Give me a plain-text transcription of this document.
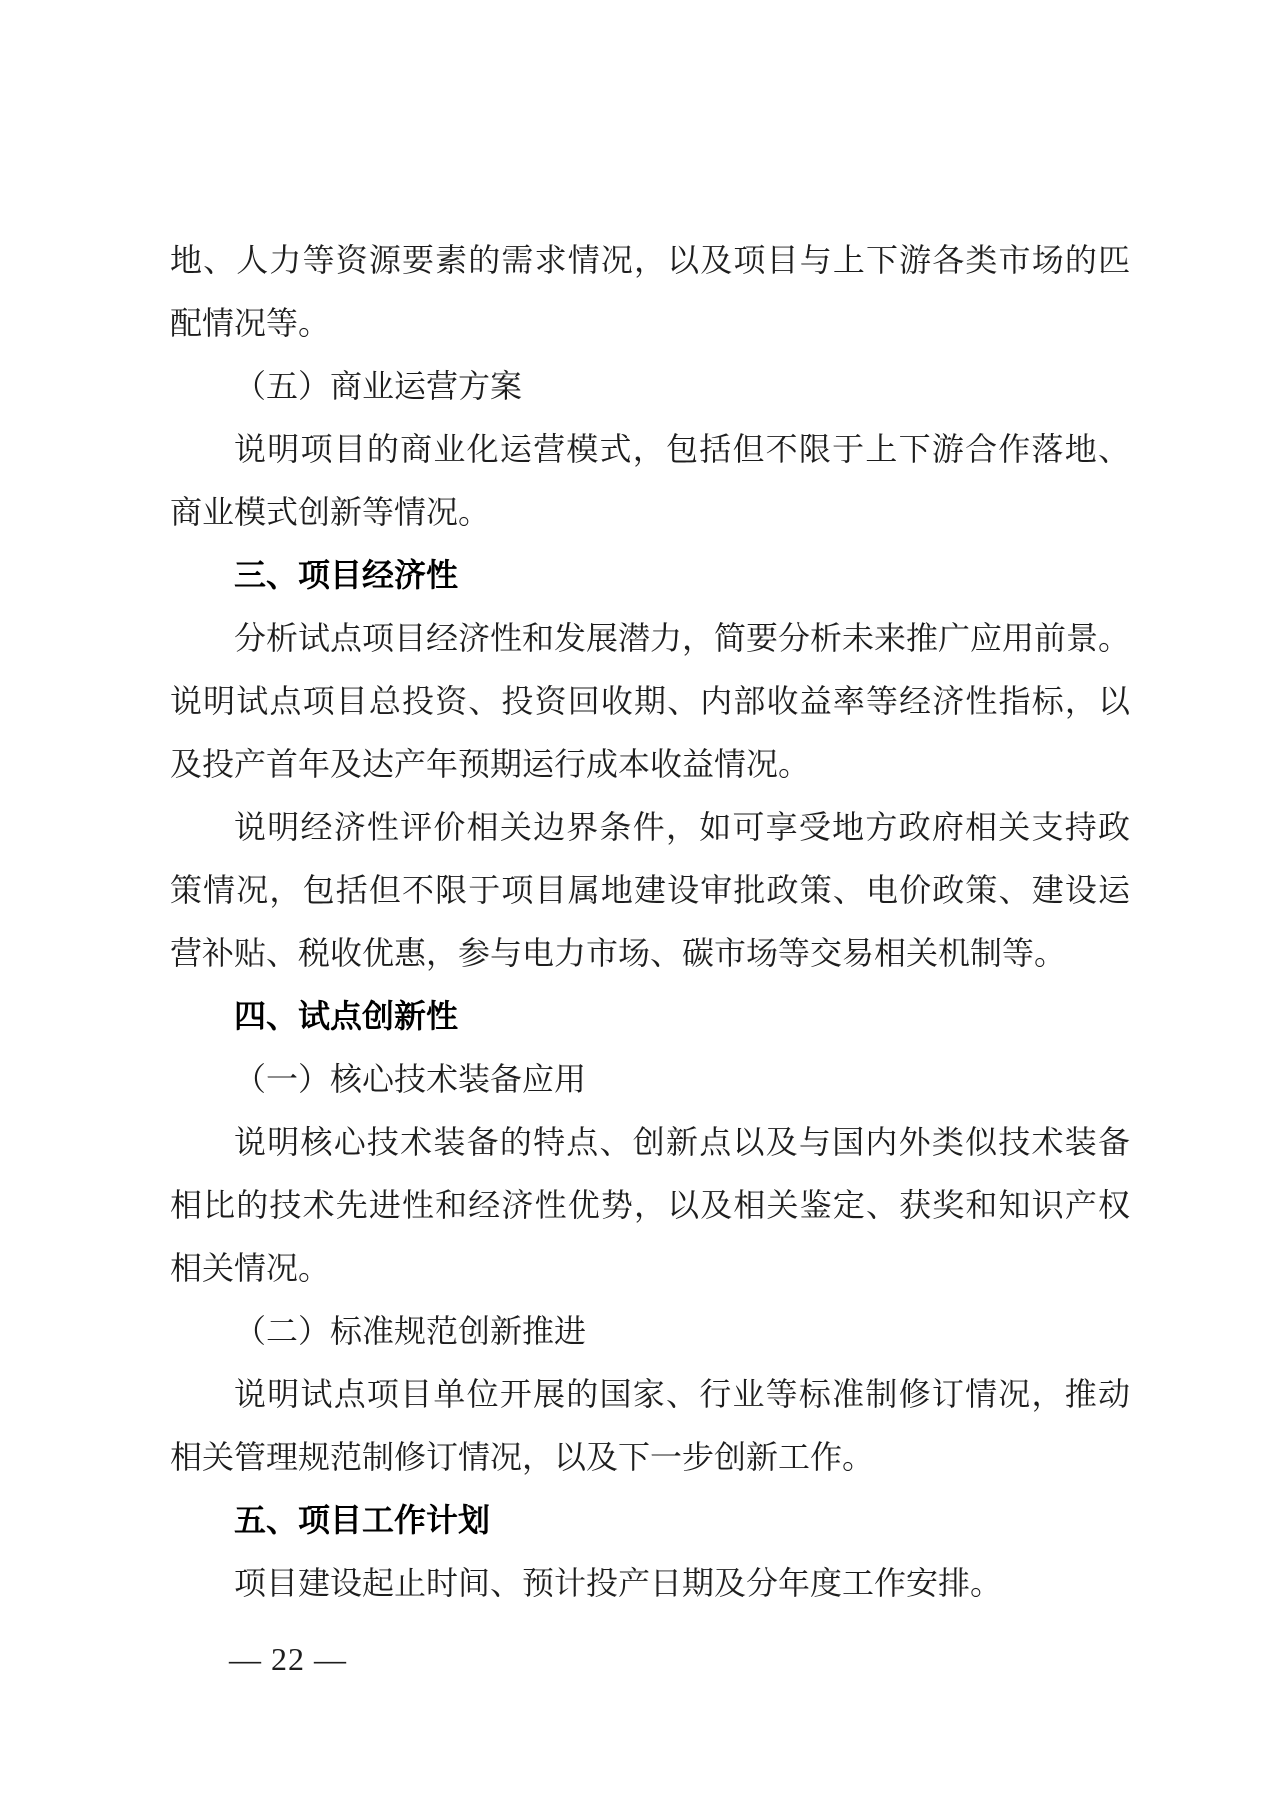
地、人力等资源要素的需求情况，以及项目与上下游各类市场的匹
配情况等。
（五）商业运营方案
说明项目的商业化运营模式，包括但不限于上下游合作落地、
商业模式创新等情况。
三、项目经济性
分析试点项目经济性和发展潜力，简要分析未来推广应用前景。
说明试点项目总投资、投资回收期、内部收益率等经济性指标，以
及投产首年及达产年预期运行成本收益情况。
说明经济性评价相关边界条件，如可享受地方政府相关支持政
策情况，包括但不限于项目属地建设审批政策、电价政策、建设运
营补贴、税收优惠，参与电力市场、碳市场等交易相关机制等。
四、试点创新性
（一）核心技术装备应用
说明核心技术装备的特点、创新点以及与国内外类似技术装备
相比的技术先进性和经济性优势，以及相关鉴定、获奖和知识产权
相关情况。
（二）标准规范创新推进
说明试点项目单位开展的国家、行业等标准制修订情况，推动
相关管理规范制修订情况，以及下一步创新工作。
五、项目工作计划
项目建设起止时间、预计投产日期及分年度工作安排。
— 22 —
